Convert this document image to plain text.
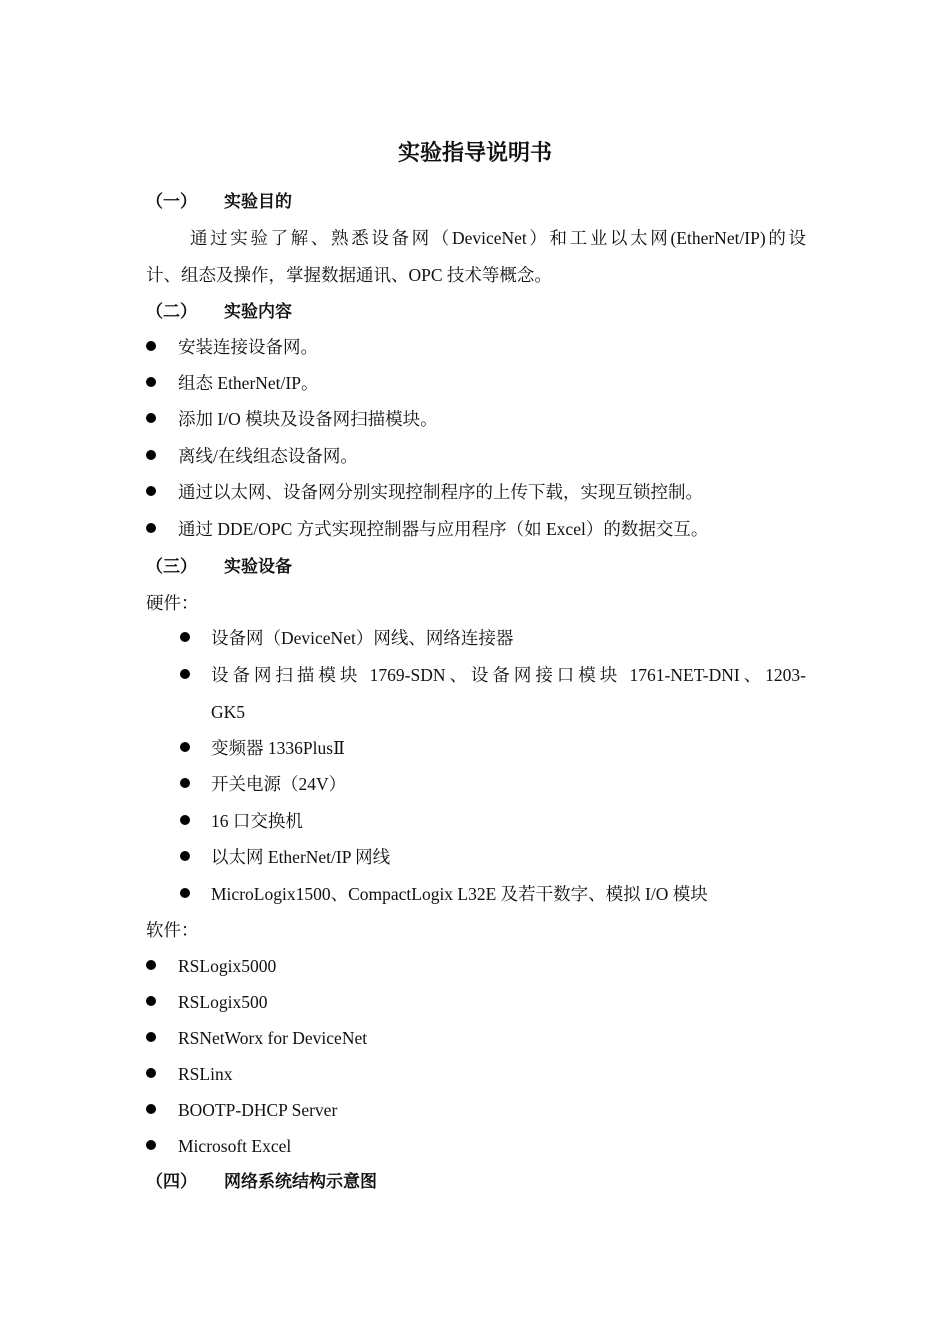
实验指导说明书
（一） 实验目的
通过实验了解、熟悉设备网（DeviceNet）和工业以太网(EtherNet/IP)的设
计、组态及操作，掌握数据通讯、OPC 技术等概念。
（二） 实验内容
安装连接设备网。
组态 EtherNet/IP。
添加 I/O 模块及设备网扫描模块。
离线/在线组态设备网。
通过以太网、设备网分别实现控制程序的上传下载，实现互锁控制。
通过 DDE/OPC 方式实现控制器与应用程序（如 Excel）的数据交互。
（三） 实验设备
硬件：
设备网（DeviceNet）网线、网络连接器
设备网扫描模块 1769-SDN、设备网接口模块 1761-NET-DNI、1203-
GK5
变频器 1336PlusⅡ
开关电源（24V）
16 口交换机
以太网 EtherNet/IP 网线
MicroLogix1500、CompactLogix L32E 及若干数字、模拟 I/O 模块
软件：
RSLogix5000
RSLogix500
RSNetWorx for DeviceNet
RSLinx
BOOTP-DHCP Server
Microsoft Excel
（四） 网络系统结构示意图
